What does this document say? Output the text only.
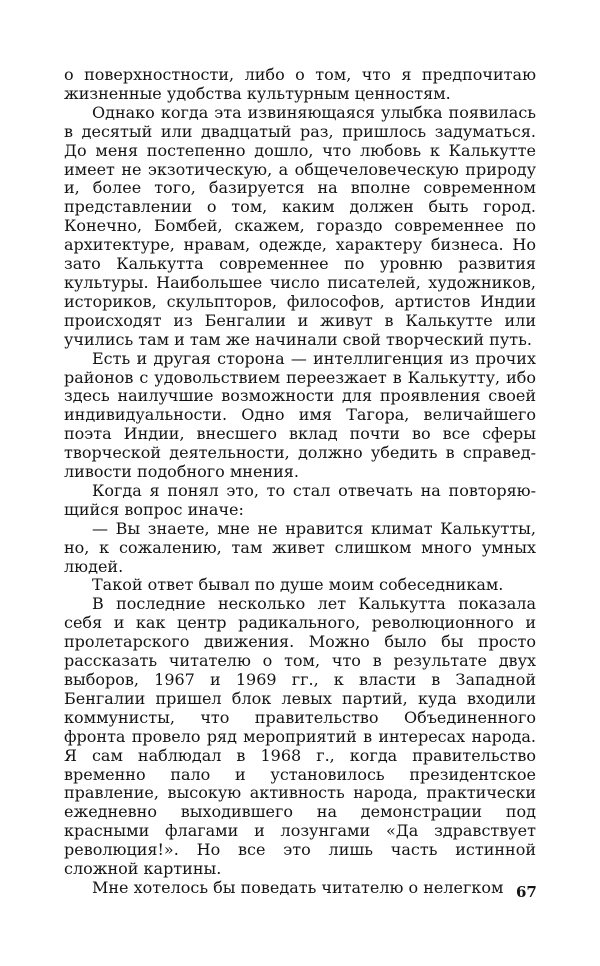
о поверхностности, либо о том, что я предпочитаю жизненные удобства культурным ценностям.

Однако когда эта извиняющаяся улыбка появилась в десятый или двадцатый раз, пришлось задуматься. До меня постепенно дошло, что любовь к Калькутте имеет не экзотическую, а общечеловеческую природу и, более того, базируется на вполне современном представлении о том, каким должен быть город. Конечно, Бомбей, скажем, гораздо современнее по архитектуре, нравам, одежде, характеру бизнеса. Но зато Калькутта современнее по уровню развития культуры. Наибольшее число писателей, художников, историков, скульпторов, философов, артистов Индии происходят из Бенгалии и живут в Калькутте или учились там и там же начинали свой творческий путь.

Есть и другая сторона — интеллигенция из прочих районов с удовольствием переезжает в Калькутту, ибо здесь наилучшие возможности для проявления своей индивидуальности. Одно имя Тагора, величайшего поэта Индии, внесшего вклад почти во все сферы творческой деятельности, должно убедить в справедливости подобного мнения.

Когда я понял это, то стал отвечать на повторяющийся вопрос иначе:

— Вы знаете, мне не нравится климат Калькутты, но, к сожалению, там живет слишком много умных людей.

Такой ответ бывал по душе моим собеседникам.

В последние несколько лет Калькутта показала себя и как центр радикального, революционного и пролетарского движения. Можно было бы просто рассказать читателю о том, что в результате двух выборов, 1967 и 1969 гг., к власти в Западной Бенгалии пришел блок левых партий, куда входили коммунисты, что правительство Объединенного фронта провело ряд мероприятий в интересах народа. Я сам наблюдал в 1968 г., когда правительство временно пало и установилось президентское правление, высокую активность народа, практически ежедневно выходившего на демонстрации под красными флагами и лозунгами «Да здравствует революция!». Но все это лишь часть истинной сложной картины.

Мне хотелось бы поведать читателю о нелегком 67
